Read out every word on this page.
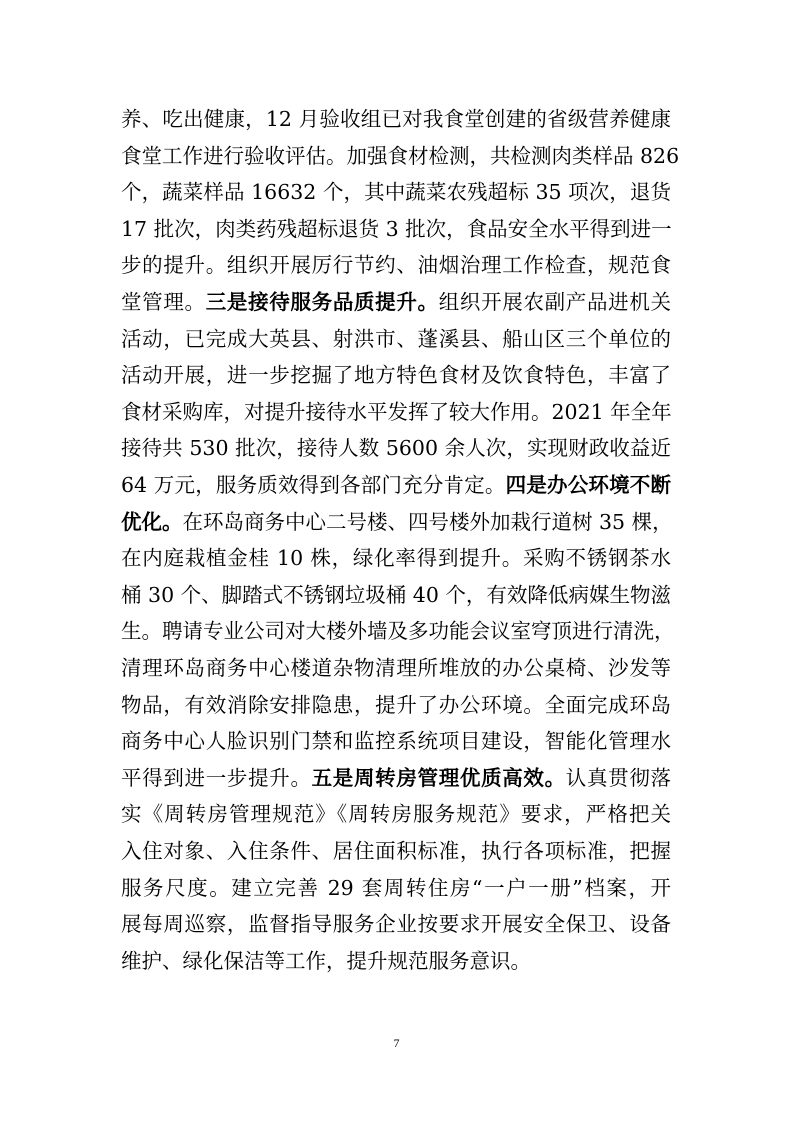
养、吃出健康，12 月验收组已对我食堂创建的省级营养健康
食堂工作进行验收评估。加强食材检测，共检测肉类样品 826
个，蔬菜样品 16632 个，其中蔬菜农残超标 35 项次，退货
17 批次，肉类药残超标退货 3 批次，食品安全水平得到进一
步的提升。组织开展厉行节约、油烟治理工作检查，规范食
堂管理。三是接待服务品质提升。组织开展农副产品进机关
活动，已完成大英县、射洪市、蓬溪县、船山区三个单位的
活动开展，进一步挖掘了地方特色食材及饮食特色，丰富了
食材采购库，对提升接待水平发挥了较大作用。2021 年全年
接待共 530 批次，接待人数 5600 余人次，实现财政收益近
64 万元，服务质效得到各部门充分肯定。四是办公环境不断
优化。在环岛商务中心二号楼、四号楼外加栽行道树 35 棵，
在内庭栽植金桂 10 株，绿化率得到提升。采购不锈钢茶水
桶 30 个、脚踏式不锈钢垃圾桶 40 个，有效降低病媒生物滋
生。聘请专业公司对大楼外墙及多功能会议室穹顶进行清洗，
清理环岛商务中心楼道杂物清理所堆放的办公桌椅、沙发等
物品，有效消除安排隐患，提升了办公环境。全面完成环岛
商务中心人脸识别门禁和监控系统项目建设，智能化管理水
平得到进一步提升。五是周转房管理优质高效。认真贯彻落
实《周转房管理规范》《周转房服务规范》要求，严格把关
入住对象、入住条件、居住面积标准，执行各项标准，把握
服务尺度。建立完善 29 套周转住房“一户一册”档案，开
展每周巡察，监督指导服务企业按要求开展安全保卫、设备
维护、绿化保洁等工作，提升规范服务意识。
7
